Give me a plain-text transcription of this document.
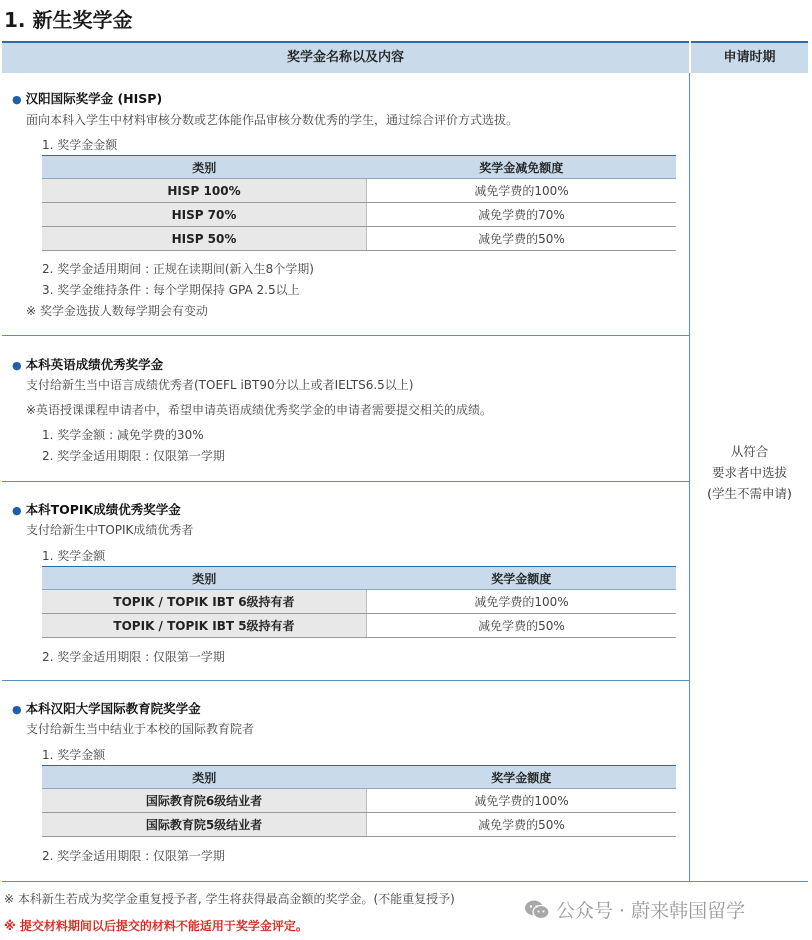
1. 新生奖学金
奖学金名称以及内容	申请时期
从符合
要求者中选拔
(学生不需申请)
● 汉阳国际奖学金 (HISP)
面向本科入学生中材料审核分数或艺体能作品审核分数优秀的学生，通过综合评价方式选拔。
1. 奖学金金额
类别	奖学金减免额度
HISP 100%	减免学费的100%
HISP 70%	减免学费的70%
HISP 50%	减免学费的50%
2. 奖学金适用期间 : 正规在读期间(新入生8个学期)
3. 奖学金维持条件 : 每个学期保持 GPA 2.5以上
※ 奖学金选拔人数每学期会有变动
● 本科英语成绩优秀奖学金
支付给新生当中语言成绩优秀者(TOEFL iBT90分以上或者IELTS6.5以上)
※英语授课课程申请者中，希望申请英语成绩优秀奖学金的申请者需要提交相关的成绩。
1. 奖学金额 : 减免学费的30%
2. 奖学金适用期限 : 仅限第一学期
● 本科TOPIK成绩优秀奖学金
支付给新生中TOPIK成绩优秀者
1. 奖学金额
类别	奖学金额度
TOPIK / TOPIK IBT 6级持有者	减免学费的100%
TOPIK / TOPIK IBT 5级持有者	减免学费的50%
2. 奖学金适用期限 : 仅限第一学期
● 本科汉阳大学国际教育院奖学金
支付给新生当中结业于本校的国际教育院者
1. 奖学金额
类别	奖学金额度
国际教育院6级结业者	减免学费的100%
国际教育院5级结业者	减免学费的50%
2. 奖学金适用期限 : 仅限第一学期
※ 本科新生若成为奖学金重复授予者, 学生将获得最高金额的奖学金。(不能重复授予)
※ 提交材料期间以后提交的材料不能适用于奖学金评定。
公众号 · 蔚来韩国留学
